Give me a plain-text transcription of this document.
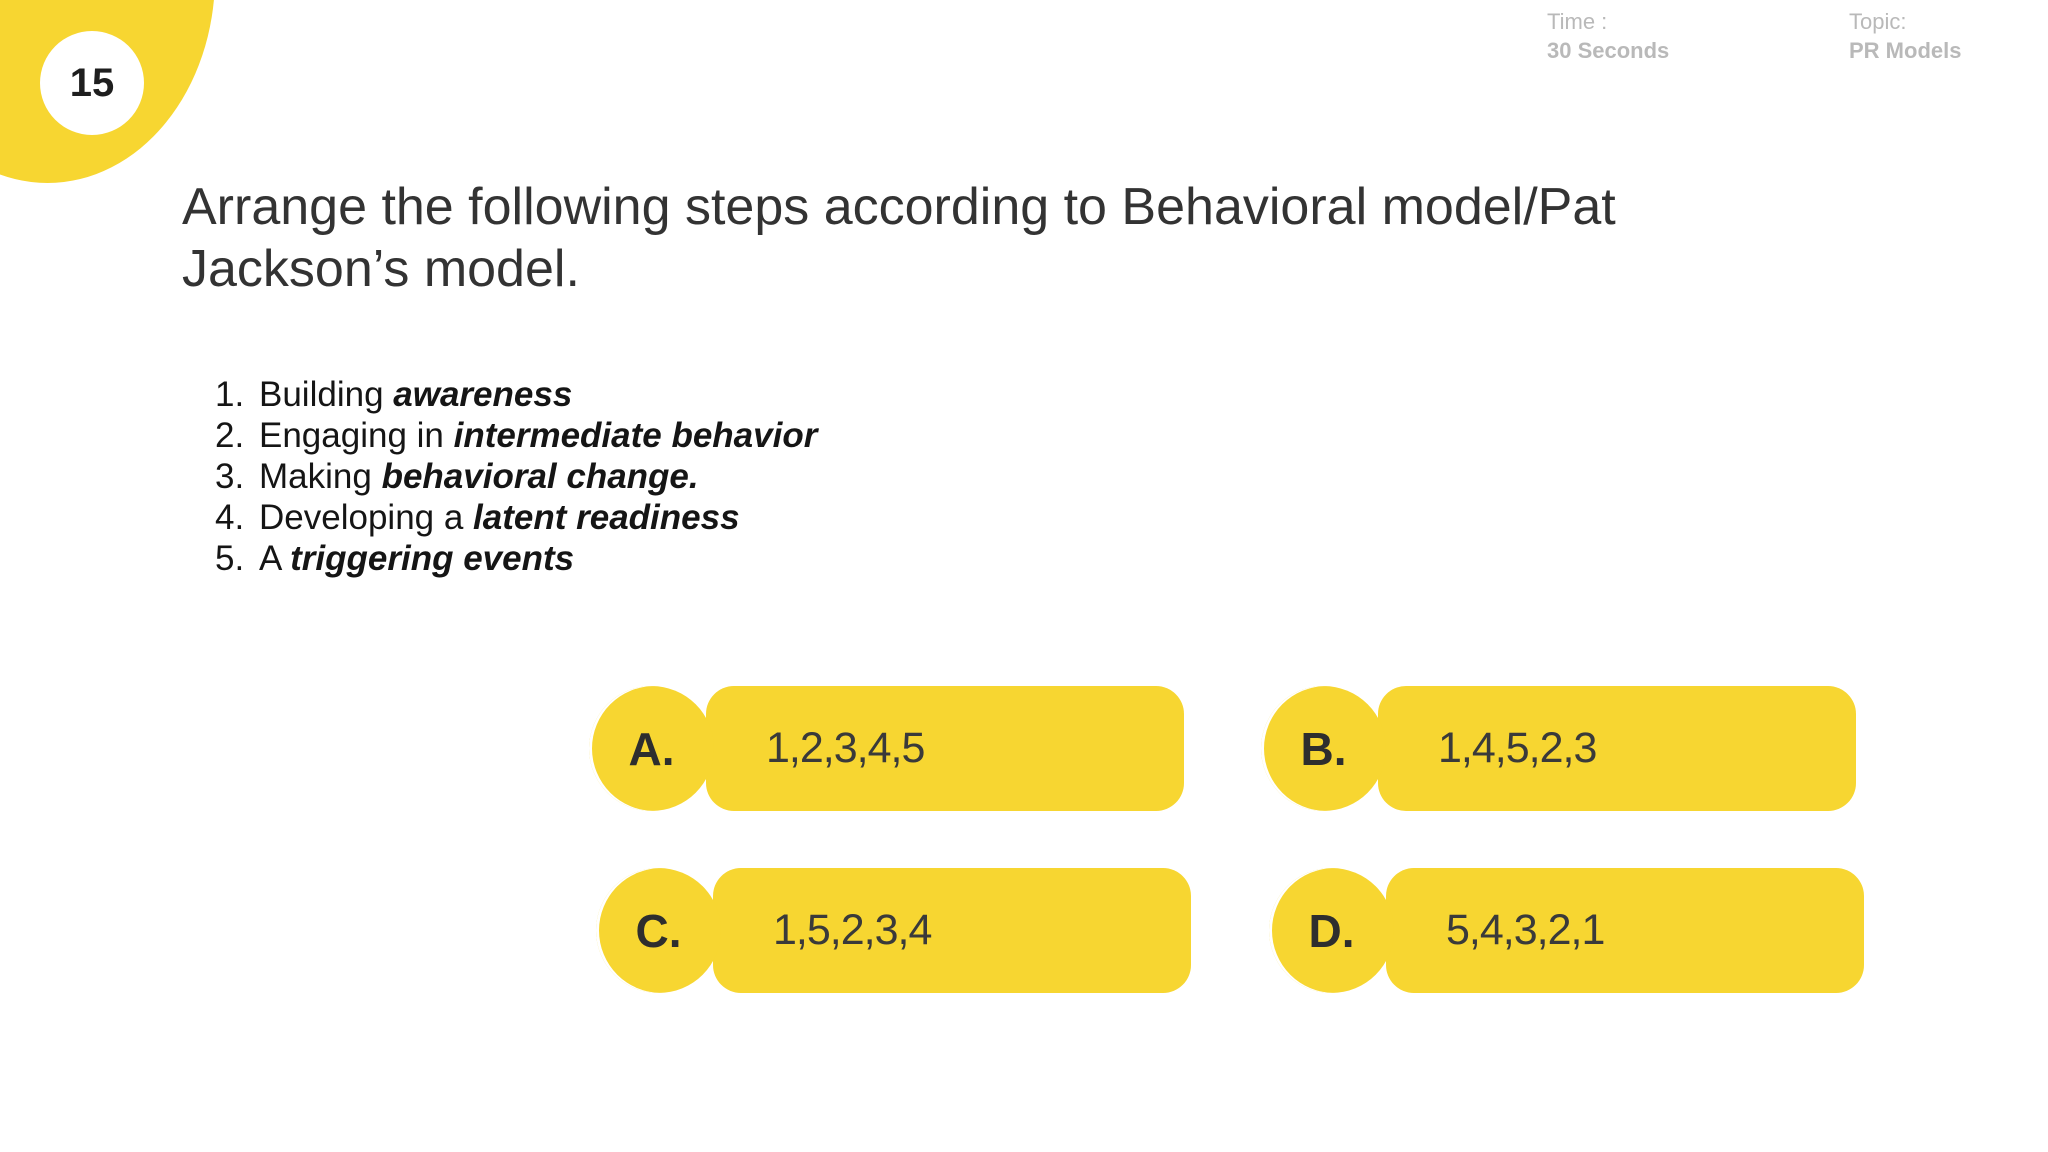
15
Time :
30 Seconds
Topic:
PR Models
Arrange the following steps according to Behavioral model/Pat Jackson’s model.
1. Building awareness
2. Engaging in intermediate behavior
3. Making behavioral change.
4. Developing a latent readiness
5. A triggering events
1,2,3,4,5
A.	1,4,5,2,3
B.
1,5,2,3,4
C.	5,4,3,2,1
D.
